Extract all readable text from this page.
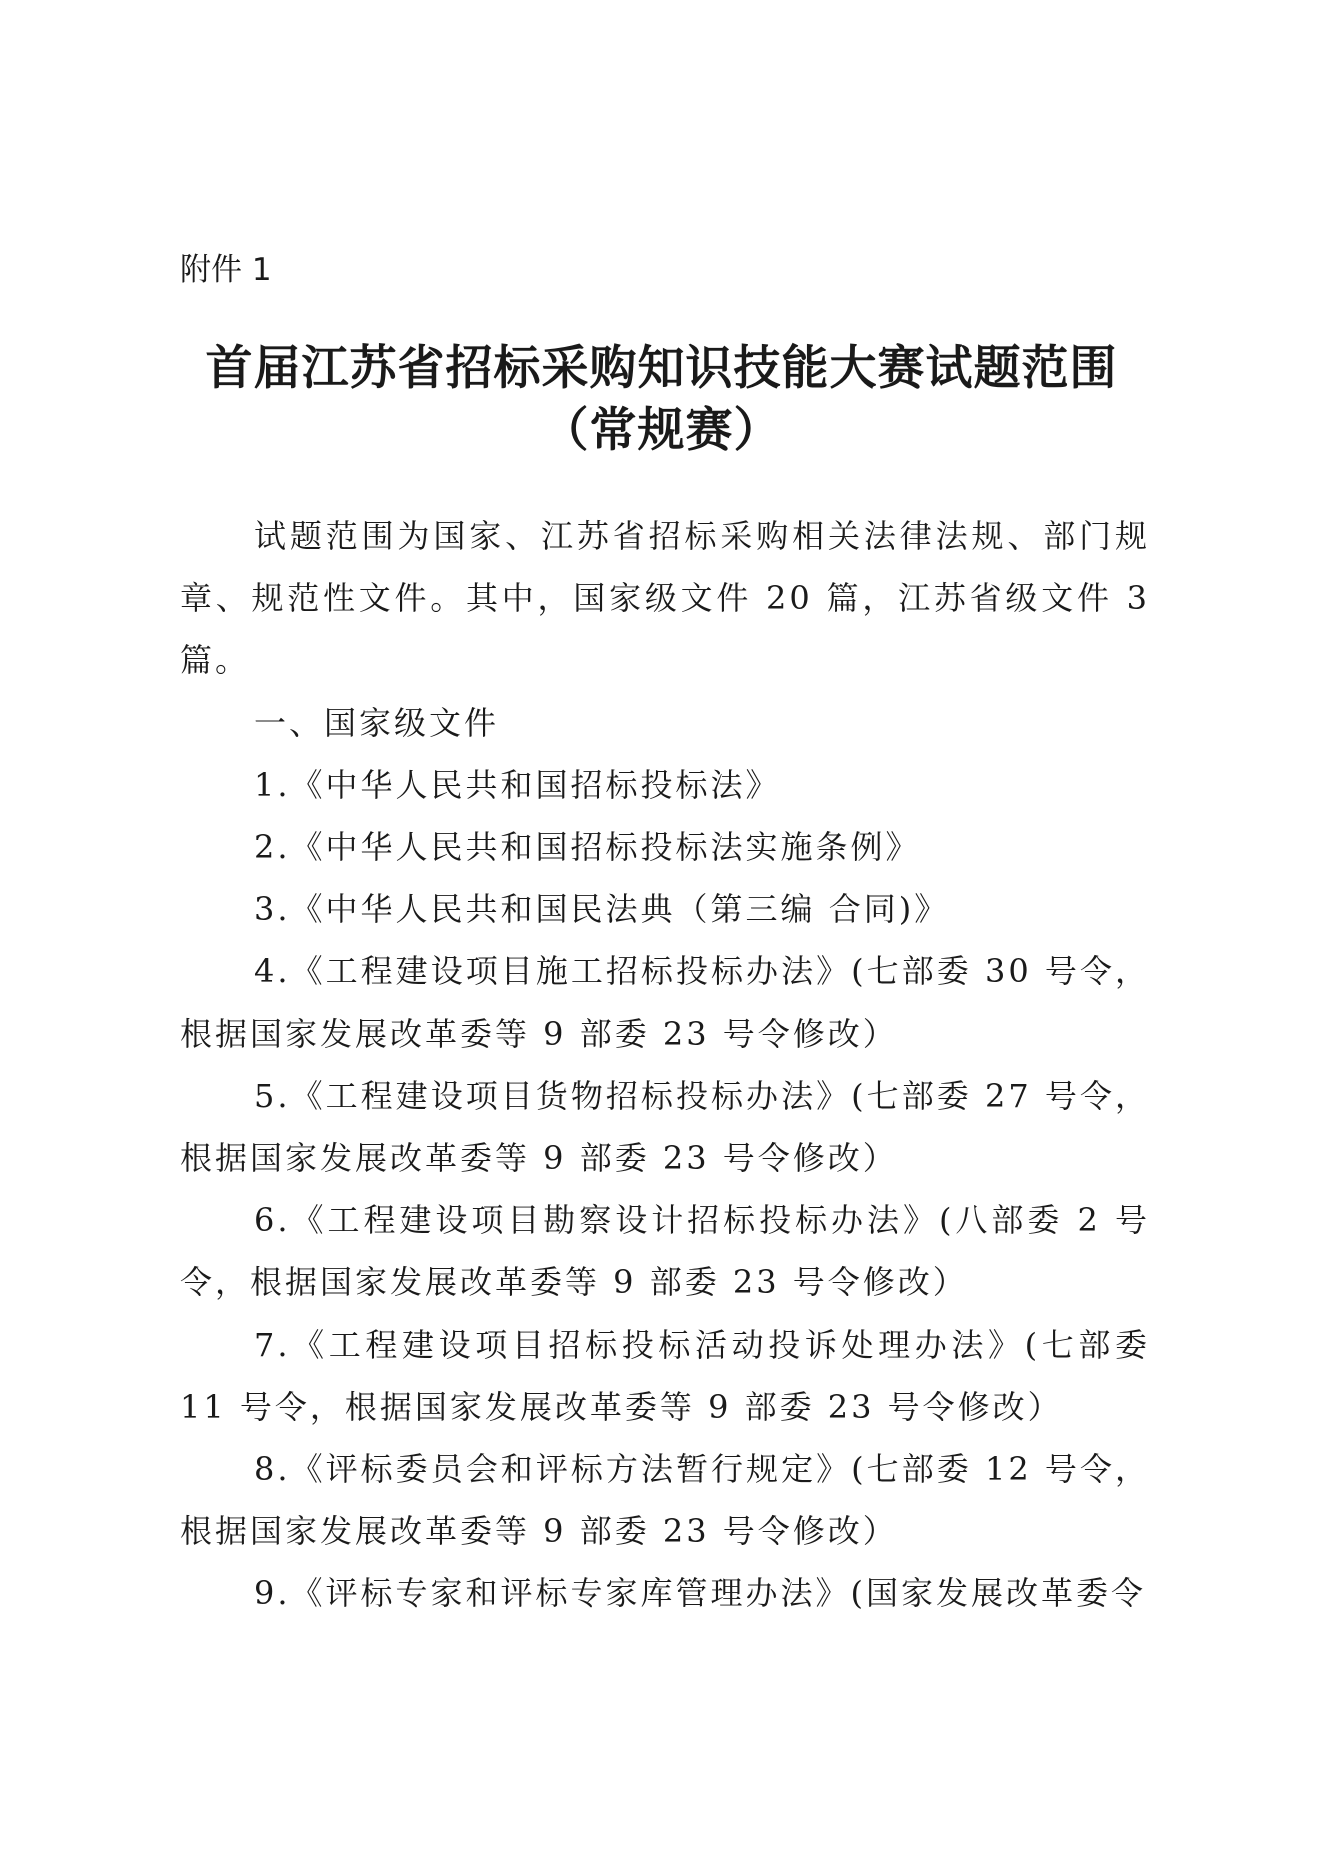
附件 1

首届江苏省招标采购知识技能大赛试题范围
（常规赛）

试题范围为国家、江苏省招标采购相关法律法规、部门规章、规范性文件。其中，国家级文件 20 篇，江苏省级文件 3 篇。

一、国家级文件

1.《中华人民共和国招标投标法》

2.《中华人民共和国招标投标法实施条例》

3.《中华人民共和国民法典（第三编 合同)》

4.《工程建设项目施工招标投标办法》(七部委 30 号令，根据国家发展改革委等 9 部委 23 号令修改）

5.《工程建设项目货物招标投标办法》(七部委 27 号令，根据国家发展改革委等 9 部委 23 号令修改）

6.《工程建设项目勘察设计招标投标办法》(八部委 2 号令，根据国家发展改革委等 9 部委 23 号令修改）

7.《工程建设项目招标投标活动投诉处理办法》(七部委 11 号令，根据国家发展改革委等 9 部委 23 号令修改）

8.《评标委员会和评标方法暂行规定》(七部委 12 号令，根据国家发展改革委等 9 部委 23 号令修改）

9.《评标专家和评标专家库管理办法》(国家发展改革委令
